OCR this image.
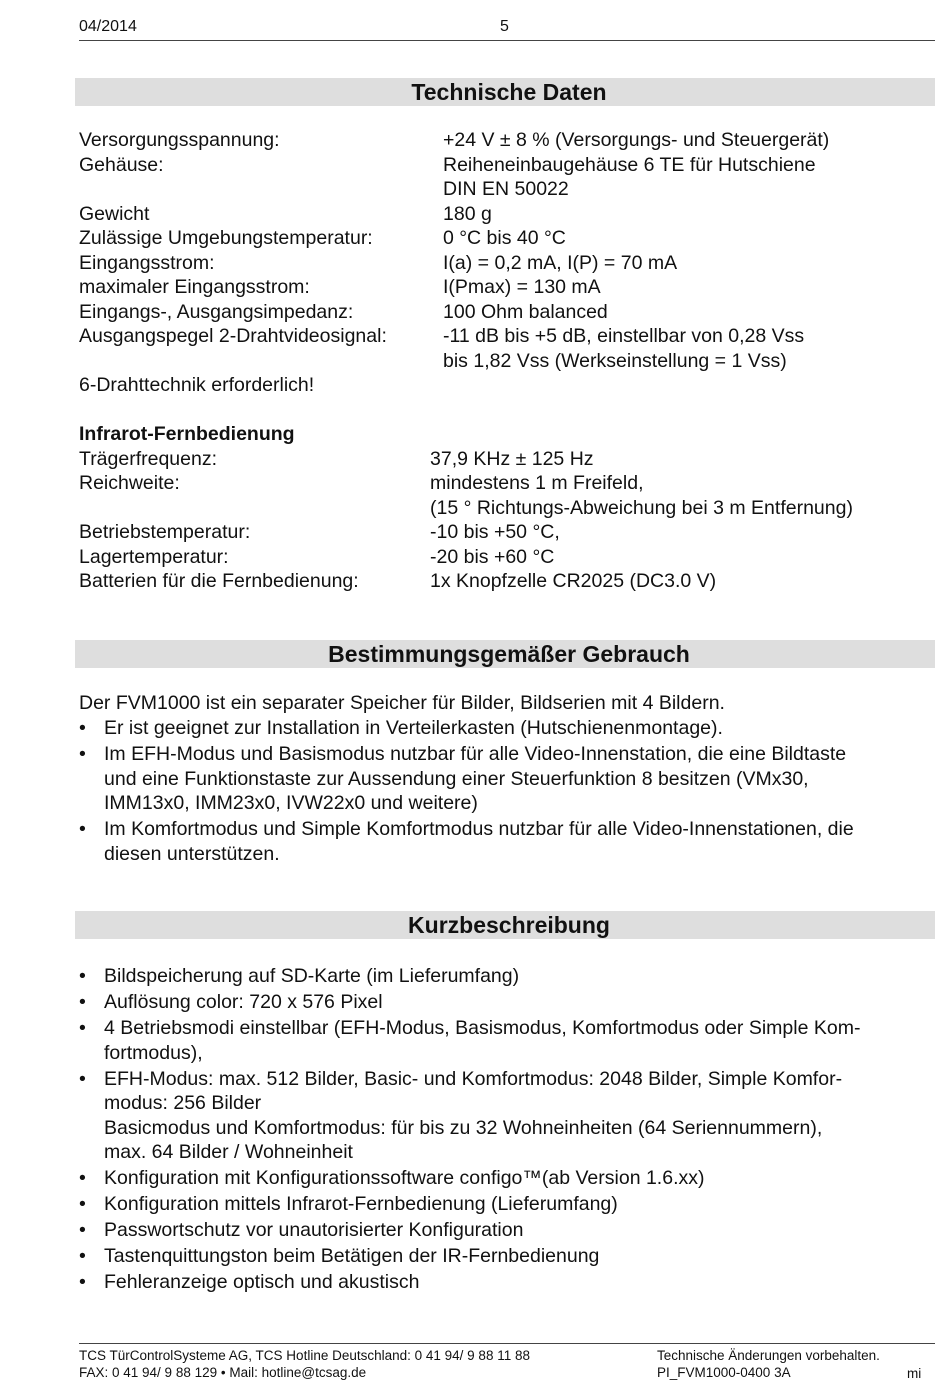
04/2014	5
Technische Daten
Versorgungsspannung:	+24 V ± 8 % (Versorgungs- und Steuergerät)
Gehäuse:	Reiheneinbaugehäuse 6 TE für Hutschiene
DIN EN 50022
Gewicht	180 g
Zulässige Umgebungstemperatur:	0 °C bis 40 °C
Eingangsstrom:	I(a) = 0,2 mA, I(P) = 70 mA
maximaler Eingangsstrom:	I(Pmax) = 130 mA
Eingangs-, Ausgangsimpedanz:	100 Ohm balanced
Ausgangspegel 2-Drahtvideosignal:	-11 dB bis +5 dB, einstellbar von 0,28 Vss
bis 1,82 Vss (Werkseinstellung = 1 Vss)
6-Drahttechnik erforderlich!
Infrarot-Fernbedienung
Trägerfrequenz:	37,9 KHz ± 125 Hz
Reichweite:	mindestens 1 m Freifeld,
(15 ° Richtungs-Abweichung bei 3 m Entfernung)
Betriebstemperatur:	-10 bis +50 °C,
Lagertemperatur:	-20 bis +60 °C
Batterien für die Fernbedienung:	1x Knopfzelle CR2025 (DC3.0 V)
Bestimmungsgemäßer Gebrauch
Der FVM1000 ist ein separater Speicher für Bilder, Bildserien mit 4 Bildern.
• Er ist geeignet zur Installation in Verteilerkasten (Hutschienenmontage).
• Im EFH-Modus und Basismodus nutzbar für alle Video-Innenstation, die eine Bildtaste
und eine Funktionstaste zur Aussendung einer Steuerfunktion 8 besitzen (VMx30,
IMM13x0, IMM23x0, IVW22x0 und weitere)
• Im Komfortmodus und Simple Komfortmodus nutzbar für alle Video-Innenstationen, die
diesen unterstützen.
Kurzbeschreibung
• Bildspeicherung auf SD-Karte (im Lieferumfang)
• Auflösung color: 720 x 576 Pixel
• 4 Betriebsmodi einstellbar (EFH-Modus, Basismodus, Komfortmodus oder Simple Kom-
fortmodus),
• EFH-Modus: max. 512 Bilder, Basic- und Komfortmodus: 2048 Bilder, Simple Komfor-
modus: 256 Bilder
Basicmodus und Komfortmodus: für bis zu 32 Wohneinheiten (64 Seriennummern),
max. 64 Bilder / Wohneinheit
• Konfiguration mit Konfigurationssoftware configo™(ab Version 1.6.xx)
• Konfiguration mittels Infrarot-Fernbedienung (Lieferumfang)
• Passwortschutz vor unautorisierter Konfiguration
• Tastenquittungston beim Betätigen der IR-Fernbedienung
• Fehleranzeige optisch und akustisch
TCS TürControlSysteme AG, TCS Hotline Deutschland: 0 41 94/ 9 88 11 88
FAX: 0 41 94/ 9 88 129 • Mail: hotline@tcsag.de
Technische Änderungen vorbehalten.
PI_FVM1000-0400 3A	mi
